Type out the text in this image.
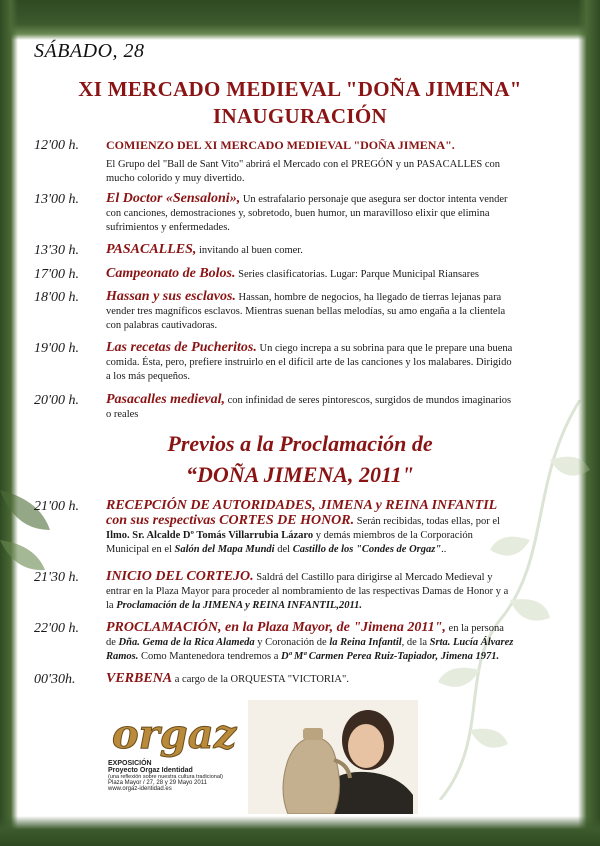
SÁBADO, 28
XI MERCADO MEDIEVAL "DOÑA JIMENA"
INAUGURACIÓN
12'00 h.	COMIENZO DEL XI MERCADO MEDIEVAL "DOÑA JIMENA".
El Grupo del "Ball de Sant Vito" abrirá el Mercado con el PREGÓN y un PASACALLES con
mucho colorido y muy divertido.
13'00 h.	El Doctor «Sensaloni», Un estrafalario personaje que asegura ser doctor intenta vender
con canciones, demostraciones y, sobretodo, buen humor, un maravilloso elixir que elimina
sufrimientos y enfermedades.
13'30 h.	PASACALLES, invitando al buen comer.
17'00 h.	Campeonato de Bolos. Series clasificatorias. Lugar: Parque Municipal Riansares
18'00 h.	Hassan y sus esclavos. Hassan, hombre de negocios, ha llegado de tierras lejanas para
vender tres magníficos esclavos. Mientras suenan bellas melodías, su amo engaña a la clientela
con palabras cautivadoras.
19'00 h.	Las recetas de Pucheritos. Un ciego increpa a su sobrina para que le prepare una buena
comida. Ésta, pero, prefiere instruirlo en el difícil arte de las canciones y los malabares. Dirigido
a los más pequeños.
20'00 h.	Pasacalles medieval, con infinidad de seres pintorescos, surgidos de mundos imaginarios
o reales
Previos a la Proclamación de
“DOÑA JIMENA, 2011"
21'00 h.	RECEPCIÓN DE AUTORIDADES, JIMENA y REINA INFANTIL
con sus respectivas CORTES DE HONOR. Serán recibidas, todas ellas, por el
Ilmo. Sr. Alcalde Dº Tomás Villarrubia Lázaro y demás miembros de la Corporación
Municipal en el Salón del Mapa Mundi del Castillo de los "Condes de Orgaz"..
21'30 h.	INICIO DEL CORTEJO. Saldrá del Castillo para dirigirse al Mercado Medieval y
entrar en la Plaza Mayor para proceder al nombramiento de las respectivas Damas de Honor y a
la Proclamación de la JIMENA y REINA INFANTIL,2011.
22'00 h.	PROCLAMACIÓN, en la Plaza Mayor, de "Jimena 2011", en la persona
de Dña. Gema de la Rica Alameda y Coronación de la Reina Infantil, de la Srta. Lucía Álvarez
Ramos. Como Mantenedora tendremos a Dª Mª Carmen Perea Ruiz-Tapiador, Jimena 1971.
00'30h.	VERBENA a cargo de la ORQUESTA "VICTORIA".
orgaz
EXPOSICIÓN
Proyecto Orgaz Identidad
(una reflexión sobre nuestra cultura tradicional)
Plaza Mayor / 27, 28 y 29 Mayo 2011
www.orgaz-identidad.es
